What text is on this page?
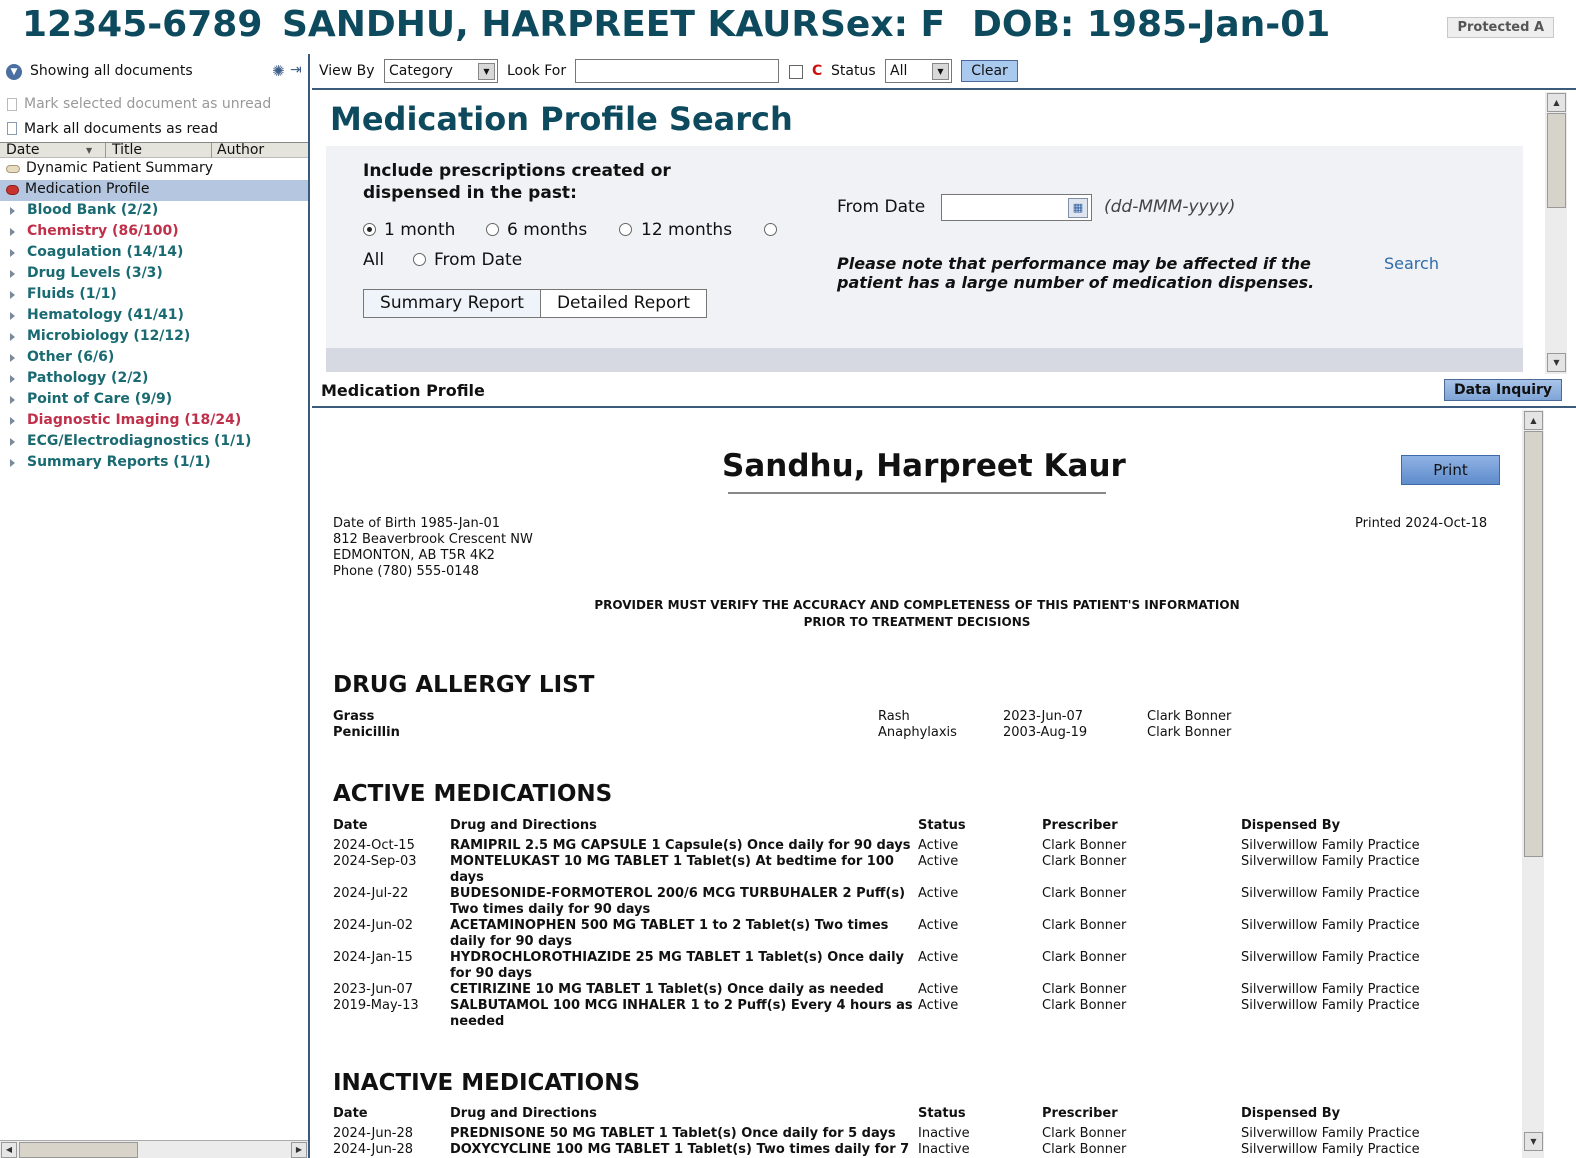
12345-6789 SANDHU, HARPREET KAUR Sex: F DOB: 1985-Jan-01	Protected A
▼ Showing all documents	✺ ⇥
Mark selected document as unread
Mark all documents as read
Date	▼ Title	Author
Dynamic Patient Summary
Medication Profile
Blood Bank (2/2)
Chemistry (86/100)
Coagulation (14/14)
Drug Levels (3/3)
Fluids (1/1)
Hematology (41/41)
Microbiology (12/12)
Other (6/6)
Pathology (2/2)
Point of Care (9/9)
Diagnostic Imaging (18/24)
ECG/Electrodiagnostics (1/1)
Summary Reports (1/1)
◀	▶
View By Category	▼	Look For	C Status All	▼	Clear
Medication Profile Search
Include prescriptions created or dispensed in the past:
1 month	6 months	12 months
All	From Date
Summary Report	Detailed Report
From Date	▦ (dd-MMM-yyyy)
Please note that performance may be affected if the patient has a large number of medication dispenses.
Search
▲
▼
Medication Profile	Data Inquiry
Sandhu, Harpreet Kaur	Print
Date of Birth 1985-Jan-01
812 Beaverbrook Crescent NW
EDMONTON, AB T5R 4K2
Phone (780) 555-0148
Printed 2024-Oct-18
PROVIDER MUST VERIFY THE ACCURACY AND COMPLETENESS OF THIS PATIENT'S INFORMATION
PRIOR TO TREATMENT DECISIONS
DRUG ALLERGY LIST
Grass	Rash	2023-Jun-07	Clark Bonner
Penicillin	Anaphylaxis	2003-Aug-19	Clark Bonner
ACTIVE MEDICATIONS
Date	Drug and Directions	Status	Prescriber	Dispensed By
2024-Oct-15	RAMIPRIL 2.5 MG CAPSULE 1 Capsule(s) Once daily for 90 days Active	Clark Bonner	Silverwillow Family Practice
2024-Sep-03	MONTELUKAST 10 MG TABLET 1 Tablet(s) At bedtime for 100 days
Active	Clark Bonner	Silverwillow Family Practice
2024-Jul-22	BUDESONIDE-FORMOTEROL 200/6 MCG TURBUHALER 2 Puff(s) Two times daily for 90 days
Active	Clark Bonner	Silverwillow Family Practice
2024-Jun-02	ACETAMINOPHEN 500 MG TABLET 1 to 2 Tablet(s) Two times daily for 90 days
Active	Clark Bonner	Silverwillow Family Practice
2024-Jan-15	HYDROCHLOROTHIAZIDE 25 MG TABLET 1 Tablet(s) Once daily for 90 days
Active	Clark Bonner	Silverwillow Family Practice
2023-Jun-07	CETIRIZINE 10 MG TABLET 1 Tablet(s) Once daily as needed	Active	Clark Bonner	Silverwillow Family Practice
2019-May-13 SALBUTAMOL 100 MCG INHALER 1 to 2 Puff(s) Every 4 hours as needed
Active	Clark Bonner	Silverwillow Family Practice
INACTIVE MEDICATIONS
Date	Drug and Directions	Status	Prescriber	Dispensed By
2024-Jun-28	PREDNISONE 50 MG TABLET 1 Tablet(s) Once daily for 5 days	Inactive	Clark Bonner	Silverwillow Family Practice
2024-Jun-28	DOXYCYCLINE 100 MG TABLET 1 Tablet(s) Two times daily for 7 Inactive	Clark Bonner	Silverwillow Family Practice
▲
▼
